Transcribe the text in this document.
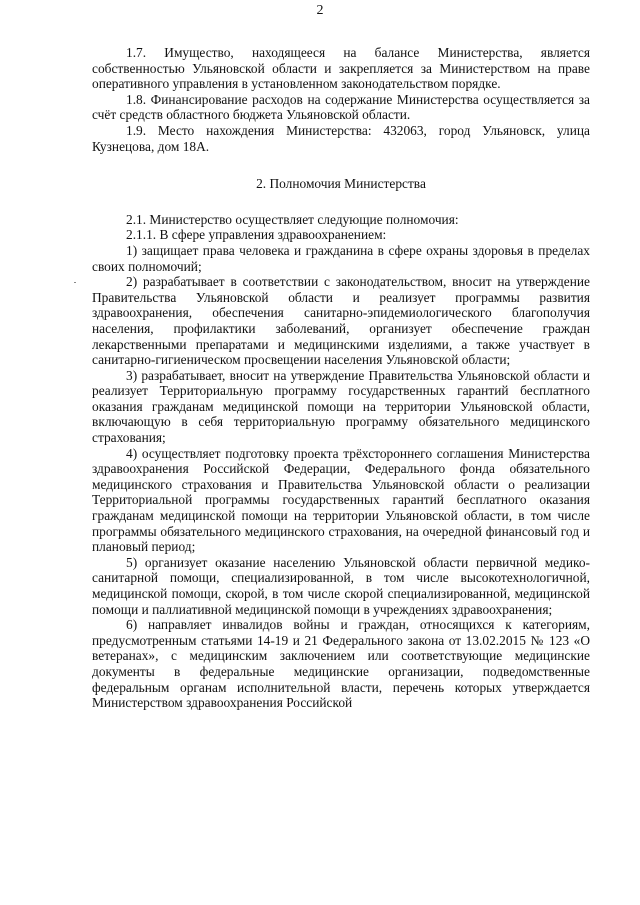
2

1.7. Имущество, находящееся на балансе Министерства, является собственностью Ульяновской области и закрепляется за Министерством на праве оперативного управления в установленном законодательством порядке.

1.8. Финансирование расходов на содержание Министерства осуществляется за счёт средств областного бюджета Ульяновской области.

1.9. Место нахождения Министерства: 432063, город Ульяновск, улица Кузнецова, дом 18А.

2. Полномочия Министерства

2.1. Министерство осуществляет следующие полномочия:

2.1.1. В сфере управления здравоохранением:

1) защищает права человека и гражданина в сфере охраны здоровья в пределах своих полномочий;

2) разрабатывает в соответствии с законодательством, вносит на утверждение Правительства Ульяновской области и реализует программы развития здравоохранения, обеспечения санитарно-эпидемиологического благополучия населения, профилактики заболеваний, организует обеспечение граждан лекарственными препаратами и медицинскими изделиями, а также участвует в санитарно-гигиеническом просвещении населения Ульяновской области;

3) разрабатывает, вносит на утверждение Правительства Ульяновской области и реализует Территориальную программу государственных гарантий бесплатного оказания гражданам медицинской помощи на территории Ульяновской области, включающую в себя территориальную программу обязательного медицинского страхования;

4) осуществляет подготовку проекта трёхстороннего соглашения Министерства здравоохранения Российской Федерации, Федерального фонда обязательного медицинского страхования и Правительства Ульяновской области о реализации Территориальной программы государственных гарантий бесплатного оказания гражданам медицинской помощи на территории Ульяновской области, в том числе программы обязательного медицинского страхования, на очередной финансовый год и плановый период;

5) организует оказание населению Ульяновской области первичной медико-санитарной помощи, специализированной, в том числе высокотехнологичной, медицинской помощи, скорой, в том числе скорой специализированной, медицинской помощи и паллиативной медицинской помощи в учреждениях здравоохранения;

6) направляет инвалидов войны и граждан, относящихся к категориям, предусмотренным статьями 14-19 и 21 Федерального закона от 13.02.2015 № 123 «О ветеранах», с медицинским заключением или соответствующие медицинские документы в федеральные медицинские организации, подведомственные федеральным органам исполнительной власти, перечень которых утверждается Министерством здравоохранения Российской
